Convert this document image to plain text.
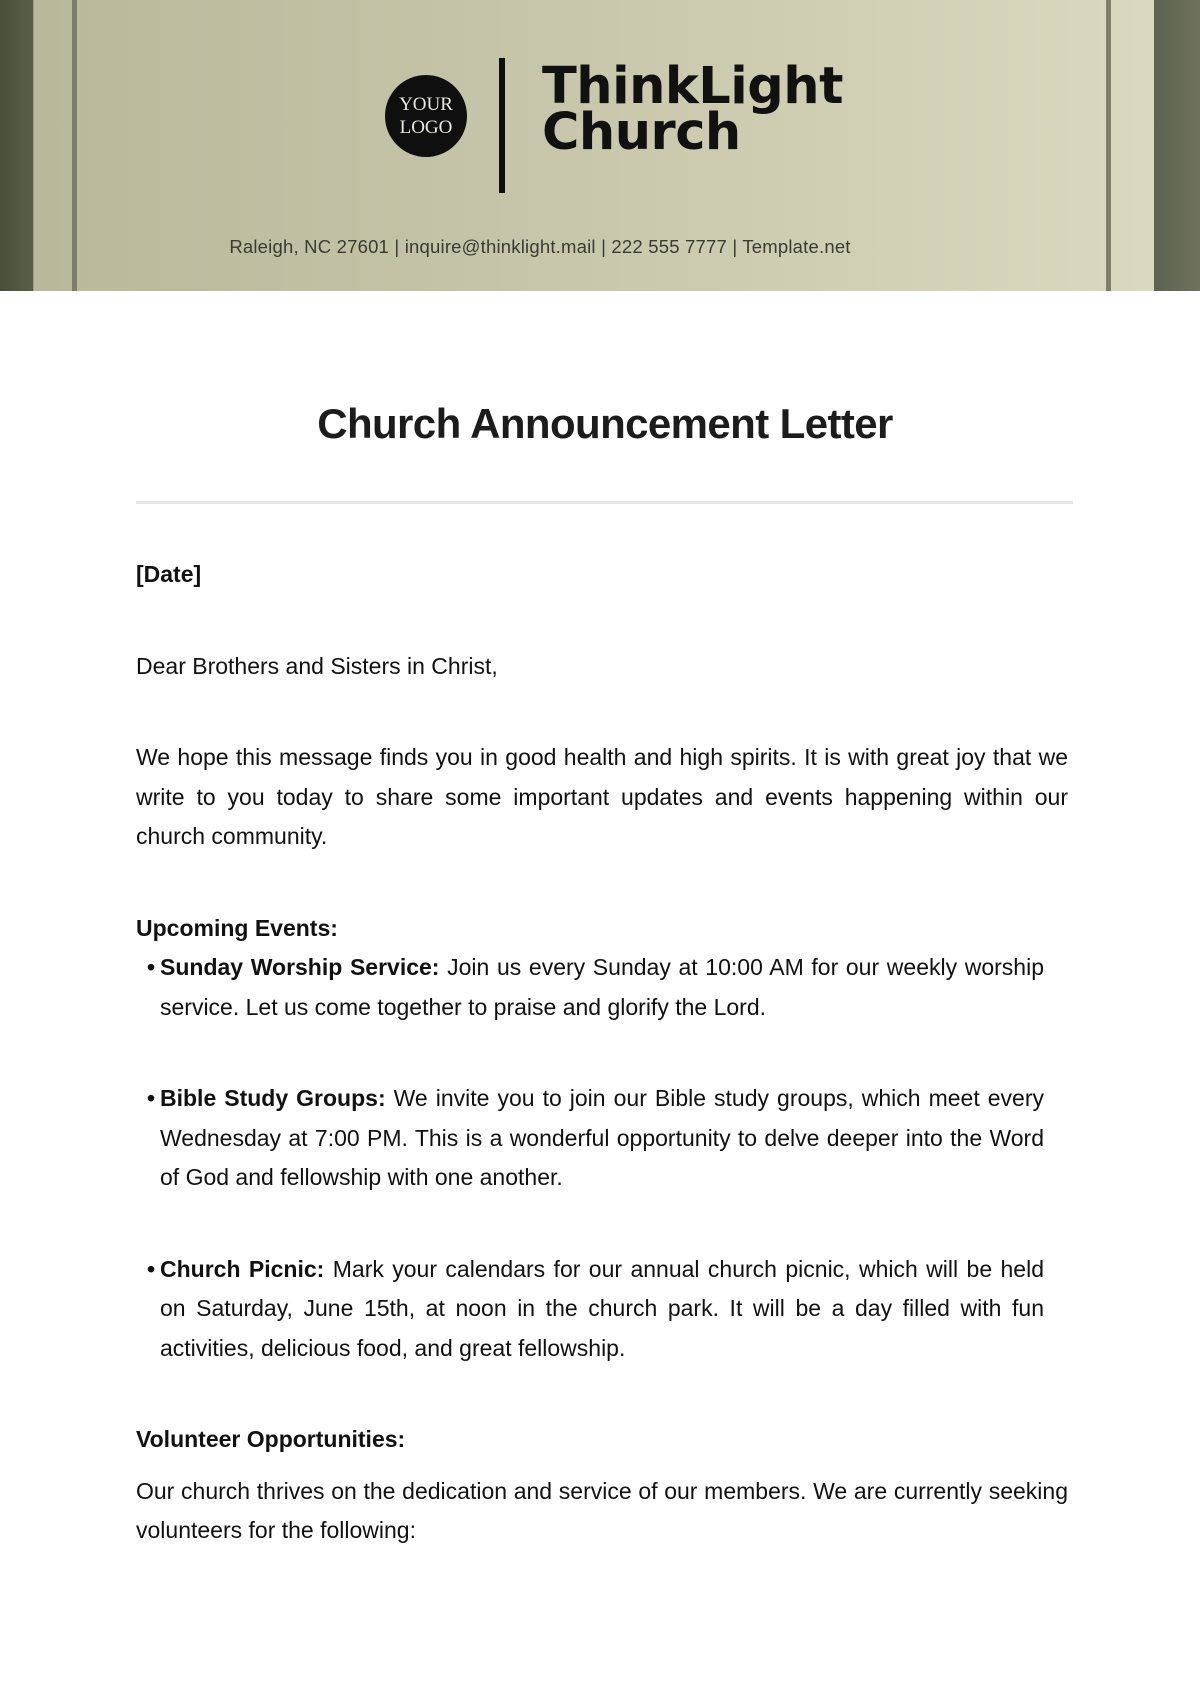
YOUR
LOGO
ThinkLight
Church
Raleigh, NC 27601 | inquire@thinklight.mail | 222 555 7777 | Template.net
Church Announcement Letter

[Date]

Dear Brothers and Sisters in Christ,

We hope this message finds you in good health and high spirits. It is with great joy that we write to you today to share some important updates and events happening within our church community.

Upcoming Events:

• Sunday Worship Service: Join us every Sunday at 10:00 AM for our weekly worship service. Let us come together to praise and glorify the Lord.
• Bible Study Groups: We invite you to join our Bible study groups, which meet every Wednesday at 7:00 PM. This is a wonderful opportunity to delve deeper into the Word of God and fellowship with one another.
• Church Picnic: Mark your calendars for our annual church picnic, which will be held on Saturday, June 15th, at noon in the church park. It will be a day filled with fun activities, delicious food, and great fellowship.

Volunteer Opportunities:

Our church thrives on the dedication and service of our members. We are currently seeking volunteers for the following:
